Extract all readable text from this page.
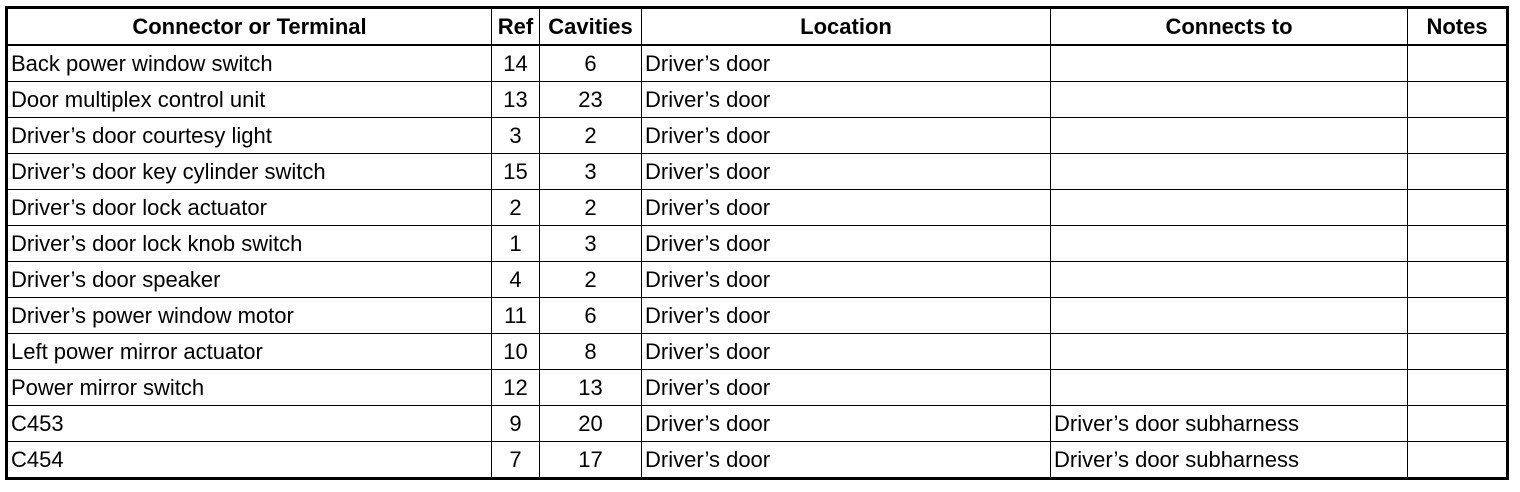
Connector or Terminal	Ref	Cavities	Location	Connects to	Notes
Back power window switch	14	6	Driver’s door		
Door multiplex control unit	13	23	Driver’s door		
Driver’s door courtesy light	3	2	Driver’s door		
Driver’s door key cylinder switch	15	3	Driver’s door		
Driver’s door lock actuator	2	2	Driver’s door		
Driver’s door lock knob switch	1	3	Driver’s door		
Driver’s door speaker	4	2	Driver’s door		
Driver’s power window motor	11	6	Driver’s door		
Left power mirror actuator	10	8	Driver’s door		
Power mirror switch	12	13	Driver’s door		
C453	9	20	Driver’s door	Driver’s door subharness	
C454	7	17	Driver’s door	Driver’s door subharness	
